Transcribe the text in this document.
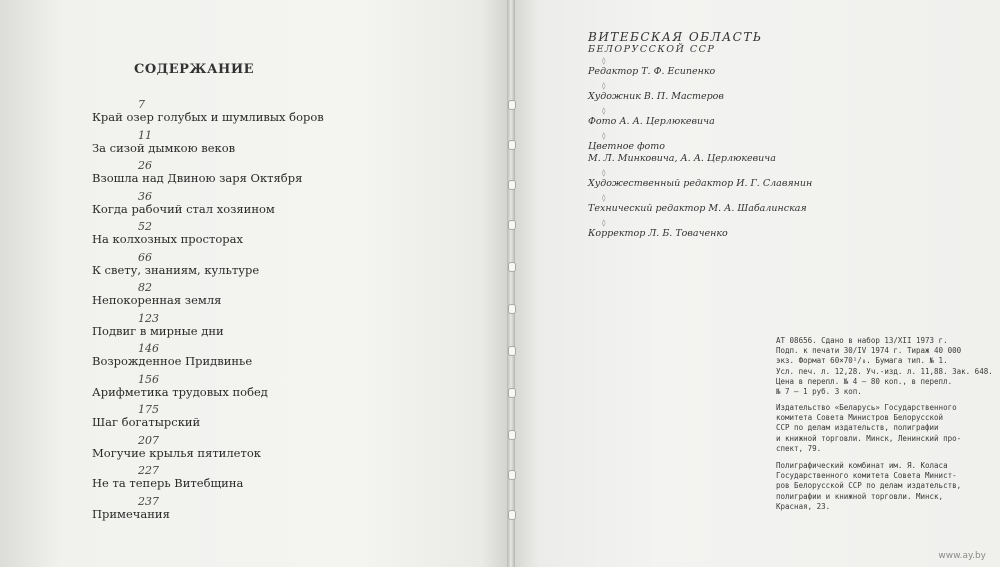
СОДЕРЖАНИЕ
7
Край озер голубых и шумливых боров
11
За сизой дымкою веков
26
Взошла над Двиною заря Октября
36
Когда рабочий стал хозяином
52
На колхозных просторах
66
К свету, знаниям, культуре
82
Непокоренная земля
123
Подвиг в мирные дни
146
Возрожденное Придвинье
156
Арифметика трудовых побед
175
Шаг богатырский
207
Могучие крылья пятилеток
227
Не та теперь Витебщина
237
Примечания
ВИТЕБСКАЯ ОБЛАСТЬ
БЕЛОРУССКОЙ ССР
◊
Редактор Т. Ф. Есипенко
◊
Художник В. П. Мастеров
◊
Фото А. А. Церлюкевича
◊
Цветное фото
М. Л. Минковича, А. А. Церлюкевича
◊
Художественный редактор И. Г. Славянин
◊
Технический редактор М. А. Шабалинская
◊
Корректор Л. Б. Товаченко
АТ 08656. Сдано в набор 13/XII 1973 г.
Подп. к печати 30/IV 1974 г. Тираж 40 000
экз. Формат 60×70¹/₈. Бумага тип. № 1.
Усл. печ. л. 12,28. Уч.-изд. л. 11,88. Зак. 648.
Цена в перепл. № 4 — 80 коп., в перепл.
№ 7 — 1 руб. 3 коп.
Издательство «Беларусь» Государственного
комитета Совета Министров Белорусской
ССР по делам издательств, полиграфии
и книжной торговли. Минск, Ленинский про-
спект, 79.
Полиграфический комбинат им. Я. Коласа
Государственного комитета Совета Минист-
ров Белорусской ССР по делам издательств,
полиграфии и книжной торговли. Минск,
Красная, 23.
www.ay.by
